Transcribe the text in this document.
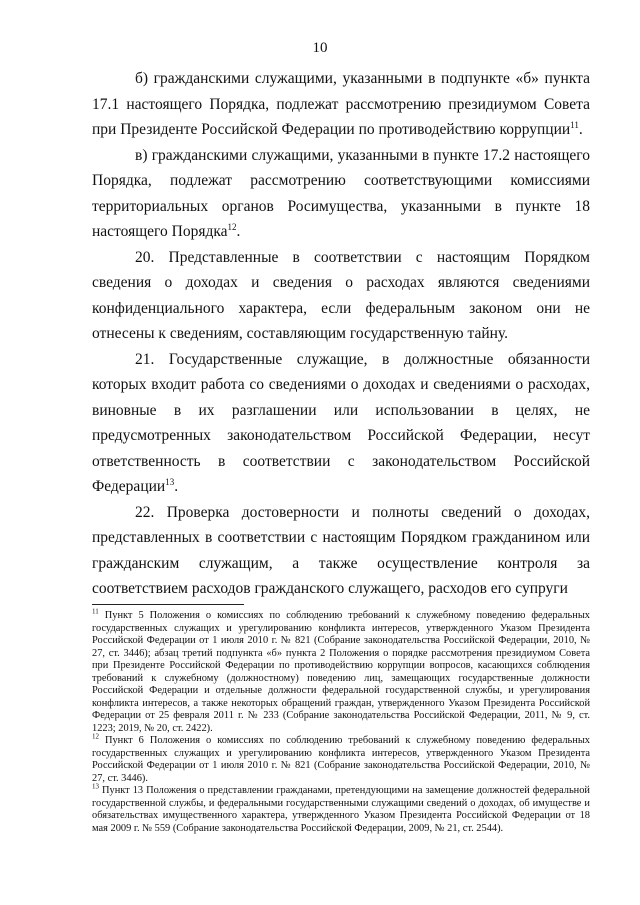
10

б) гражданскими служащими, указанными в подпункте «б» пункта 17.1 настоящего Порядка, подлежат рассмотрению президиумом Совета при Президенте Российской Федерации по противодействию коррупции$^{11}$.

в) гражданскими служащими, указанными в пункте 17.2 настоящего Порядка, подлежат рассмотрению соответствующими комиссиями территориальных органов Росимущества, указанными в пункте 18 настоящего Порядка$^{12}$.

20. Представленные в соответствии с настоящим Порядком сведения о доходах и сведения о расходах являются сведениями конфиденциального характера, если федеральным законом они не отнесены к сведениям, составляющим государственную тайну.

21. Государственные служащие, в должностные обязанности которых входит работа со сведениями о доходах и сведениями о расходах, виновные в их разглашении или использовании в целях, не предусмотренных законодательством Российской Федерации, несут ответственность в соответствии с законодательством Российской Федерации$^{13}$.

22. Проверка достоверности и полноты сведений о доходах, представленных в соответствии с настоящим Порядком гражданином или гражданским служащим, а также осуществление контроля за соответствием расходов гражданского служащего, расходов его супруги

$^{11}$ Пункт 5 Положения о комиссиях по соблюдению требований к служебному поведению федеральных государственных служащих и урегулированию конфликта интересов, утвержденного Указом Президента Российской Федерации от 1 июля 2010 г. № 821 (Собрание законодательства Российской Федерации, 2010, № 27, ст. 3446); абзац третий подпункта «б» пункта 2 Положения о порядке рассмотрения президиумом Совета при Президенте Российской Федерации по противодействию коррупции вопросов, касающихся соблюдения требований к служебному (должностному) поведению лиц, замещающих государственные должности Российской Федерации и отдельные должности федеральной государственной службы, и урегулирования конфликта интересов, а также некоторых обращений граждан, утвержденного Указом Президента Российской Федерации от 25 февраля 2011 г. № 233 (Собрание законодательства Российской Федерации, 2011, № 9, ст. 1223; 2019, № 20, ст. 2422).

$^{12}$ Пункт 6 Положения о комиссиях по соблюдению требований к служебному поведению федеральных государственных служащих и урегулированию конфликта интересов, утвержденного Указом Президента Российской Федерации от 1 июля 2010 г. № 821 (Собрание законодательства Российской Федерации, 2010, № 27, ст. 3446).

$^{13}$ Пункт 13 Положения о представлении гражданами, претендующими на замещение должностей федеральной государственной службы, и федеральными государственными служащими сведений о доходах, об имуществе и обязательствах имущественного характера, утвержденного Указом Президента Российской Федерации от 18 мая 2009 г. № 559 (Собрание законодательства Российской Федерации, 2009, № 21, ст. 2544).
